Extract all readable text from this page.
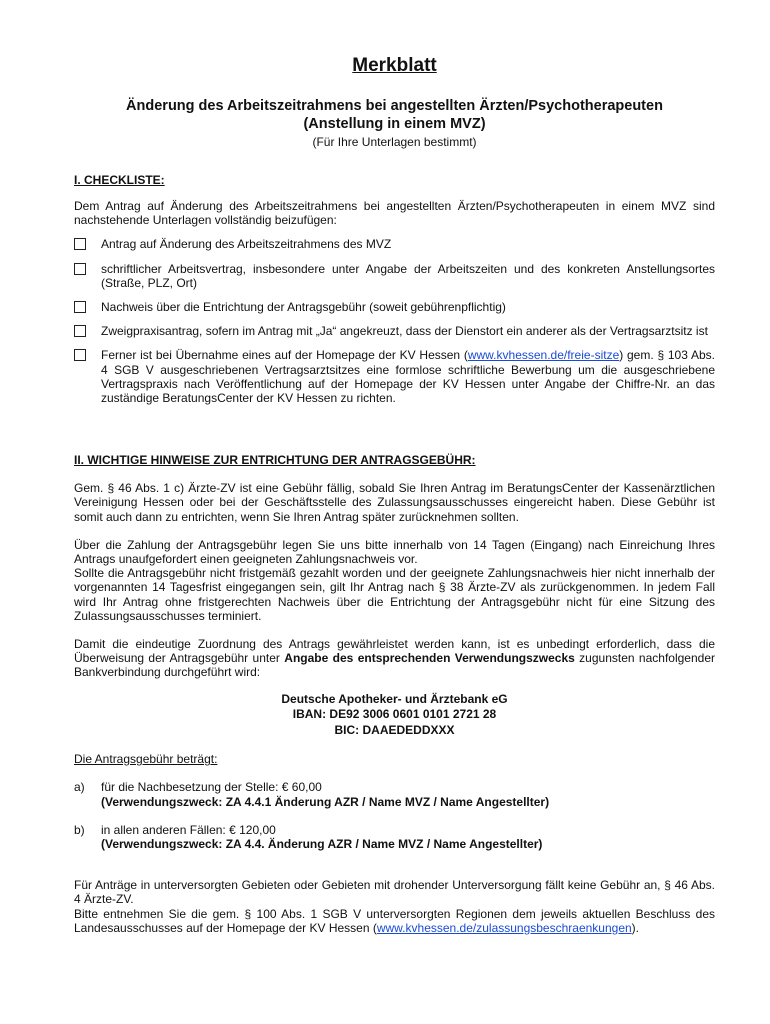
Merkblatt
Änderung des Arbeitszeitrahmens bei angestellten Ärzten/Psychotherapeuten
(Anstellung in einem MVZ)
(Für Ihre Unterlagen bestimmt)
I. CHECKLISTE:

Dem Antrag auf Änderung des Arbeitszeitrahmens bei angestellten Ärzten/Psychotherapeuten in einem MVZ sind nachstehende Unterlagen vollständig beizufügen:

Antrag auf Änderung des Arbeitszeitrahmens des MVZ
schriftlicher Arbeitsvertrag, insbesondere unter Angabe der Arbeitszeiten und des konkreten Anstellungsortes (Straße, PLZ, Ort)
Nachweis über die Entrichtung der Antragsgebühr (soweit gebührenpflichtig)
Zweigpraxisantrag, sofern im Antrag mit „Ja“ angekreuzt, dass der Dienstort ein anderer als der Vertragsarztsitz ist
Ferner ist bei Übernahme eines auf der Homepage der KV Hessen (www.kvhessen.de/freie-sitze) gem. § 103 Abs. 4 SGB V ausgeschriebenen Vertragsarztsitzes eine formlose schriftliche Bewerbung um die ausgeschriebene Vertragspraxis nach Veröffentlichung auf der Homepage der KV Hessen unter Angabe der Chiffre-Nr. an das zuständige BeratungsCenter der KV Hessen zu richten.
II. WICHTIGE HINWEISE ZUR ENTRICHTUNG DER ANTRAGSGEBÜHR:

Gem. § 46 Abs. 1 c) Ärzte-ZV ist eine Gebühr fällig, sobald Sie Ihren Antrag im BeratungsCenter der Kassenärztlichen Vereinigung Hessen oder bei der Geschäftsstelle des Zulassungsausschusses eingereicht haben. Diese Gebühr ist somit auch dann zu entrichten, wenn Sie Ihren Antrag später zurücknehmen sollten.

Über die Zahlung der Antragsgebühr legen Sie uns bitte innerhalb von 14 Tagen (Eingang) nach Einreichung Ihres Antrags unaufgefordert einen geeigneten Zahlungsnachweis vor.

Sollte die Antragsgebühr nicht fristgemäß gezahlt worden und der geeignete Zahlungsnachweis hier nicht innerhalb der vorgenannten 14 Tagesfrist eingegangen sein, gilt Ihr Antrag nach § 38 Ärzte-ZV als zurückgenommen. In jedem Fall wird Ihr Antrag ohne fristgerechten Nachweis über die Entrichtung der Antragsgebühr nicht für eine Sitzung des Zulassungsausschusses terminiert.

Damit die eindeutige Zuordnung des Antrags gewährleistet werden kann, ist es unbedingt erforderlich, dass die Überweisung der Antragsgebühr unter Angabe des entsprechenden Verwendungszwecks zugunsten nachfolgender Bankverbindung durchgeführt wird:

Deutsche Apotheker- und Ärztebank eG
IBAN: DE92 3006 0601 0101 2721 28
BIC: DAAEDEDDXXX

Die Antragsgebühr beträgt:

a) für die Nachbesetzung der Stelle: € 60,00
(Verwendungszweck: ZA 4.4.1 Änderung AZR / Name MVZ / Name Angestellter)
b) in allen anderen Fällen: € 120,00
(Verwendungszweck: ZA 4.4. Änderung AZR / Name MVZ / Name Angestellter)

Für Anträge in unterversorgten Gebieten oder Gebieten mit drohender Unterversorgung fällt keine Gebühr an, § 46 Abs. 4 Ärzte-ZV.

Bitte entnehmen Sie die gem. § 100 Abs. 1 SGB V unterversorgten Regionen dem jeweils aktuellen Beschluss des Landesausschusses auf der Homepage der KV Hessen (www.kvhessen.de/zulassungsbeschraenkungen).
